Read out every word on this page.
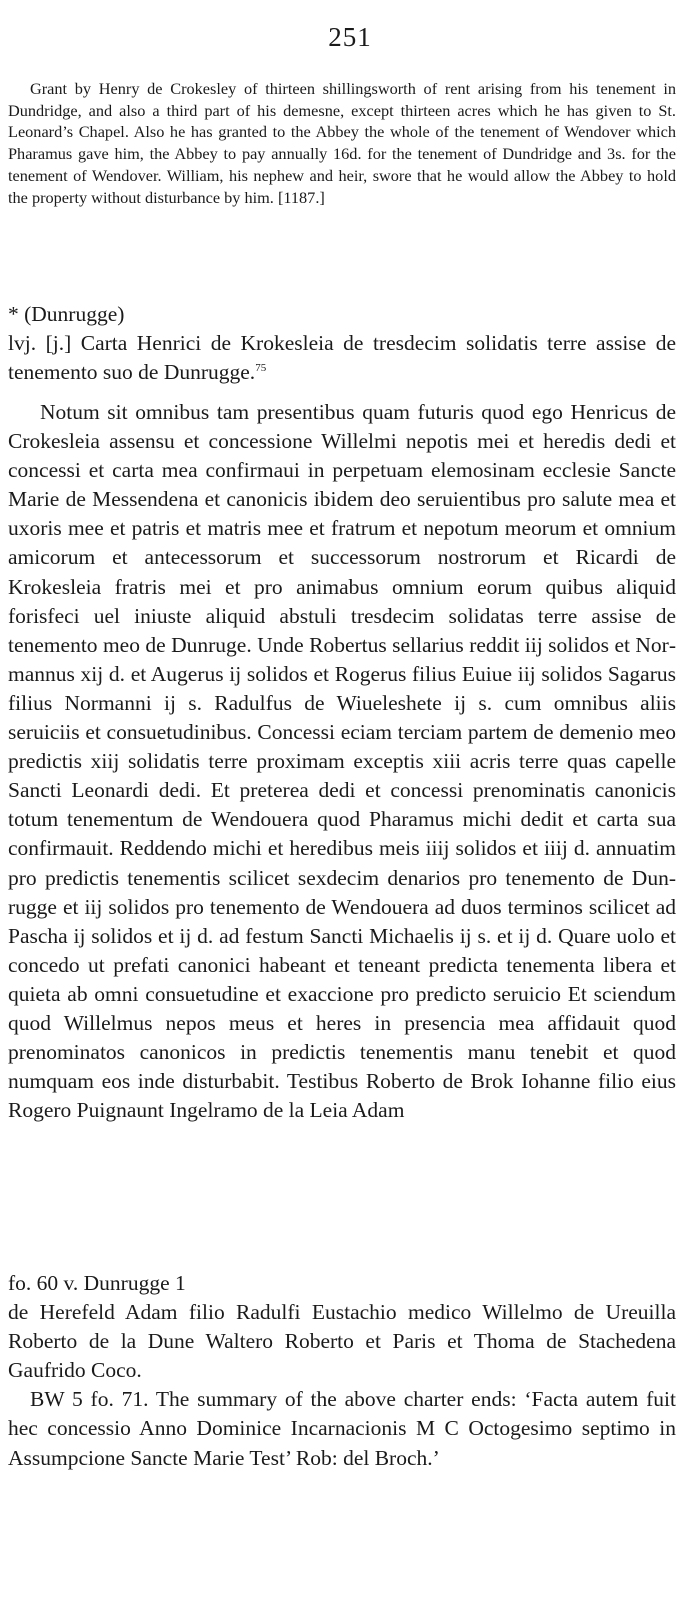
251

Grant by Henry de Crokesley of thirteen shillingsworth of rent arising from his tenement in Dundridge, and also a third part of his demesne, except thirteen acres which he has given to St. Leonard’s Chapel. Also he has granted to the Abbey the whole of the tenement of Wendover which Pharamus gave him, the Abbey to pay annually 16d. for the tenement of Dundridge and 3s. for the tenement of Wendover. William, his nephew and heir, swore that he would allow the Abbey to hold the property without disturbance by him. [1187.]

* (Dunrugge)

lvj. [j.] Carta Henrici de Krokesleia de tresdecim solidatis terre assise de tenemento suo de Dunrugge.$^{75}$

Notum sit omnibus tam presentibus quam futuris quod ego Henricus de Crokesleia assensu et concessione Willelmi nepotis mei et heredis dedi et concessi et carta mea confirmaui in perpetuam elemosinam ecclesie Sancte Marie de Messendena et canonicis ibidem deo seruientibus pro salute mea et uxoris mee et patris et matris mee et fratrum et nepotum meorum et omnium amicorum et antecessorum et successorum nostrorum et Ricardi de Krokesleia fratris mei et pro animabus omnium eorum quibus aliquid forisfeci uel iniuste aliquid abstuli tresdecim solidatas terre assise de tenemento meo de Dunruge. Unde Robertus sellarius reddit iij solidos et Normannus xij d. et Augerus ij solidos et Rogerus filius Euiue iij solidos Sagarus filius Normanni ij s. Radulfus de Wiueleshete ij s. cum omnibus aliis seruiciis et consuetudinibus. Concessi eciam terciam partem de demenio meo predictis xiij solidatis terre proximam exceptis xiii acris terre quas capelle Sancti Leonardi dedi. Et preterea dedi et concessi prenominatis canonicis totum tenementum de Wendouera quod Pharamus michi dedit et carta sua confirmauit. Reddendo michi et heredibus meis iiij solidos et iiij d. annuatim pro predictis tenementis scilicet sexdecim denarios pro tenemento de Dunrugge et iij solidos pro tenemento de Wendouera ad duos terminos scilicet ad Pascha ij solidos et ij d. ad festum Sancti Michaelis ij s. et ij d. Quare uolo et concedo ut prefati canonici habeant et teneant predicta tenementa libera et quieta ab omni consuetudine et exaccione pro predicto seruicio Et sciendum quod Willelmus nepos meus et heres in presencia mea affidauit quod prenominatos canonicos in predictis tenementis manu tenebit et quod numquam eos inde disturbabit. Testibus Roberto de Brok Iohanne filio eius Rogero Puignaunt Ingelramo de la Leia Adam

fo. 60 v. Dunrugge 1

de Herefeld Adam filio Radulfi Eustachio medico Willelmo de Ureuilla Roberto de la Dune Waltero Roberto et Paris et Thoma de Stachedena Gaufrido Coco.

BW 5 fo. 71. The summary of the above charter ends: ‘Facta autem fuit hec concessio Anno Dominice Incarnacionis M C Octogesimo septimo in Assumpcione Sancte Marie Test’ Rob: del Broch.’
